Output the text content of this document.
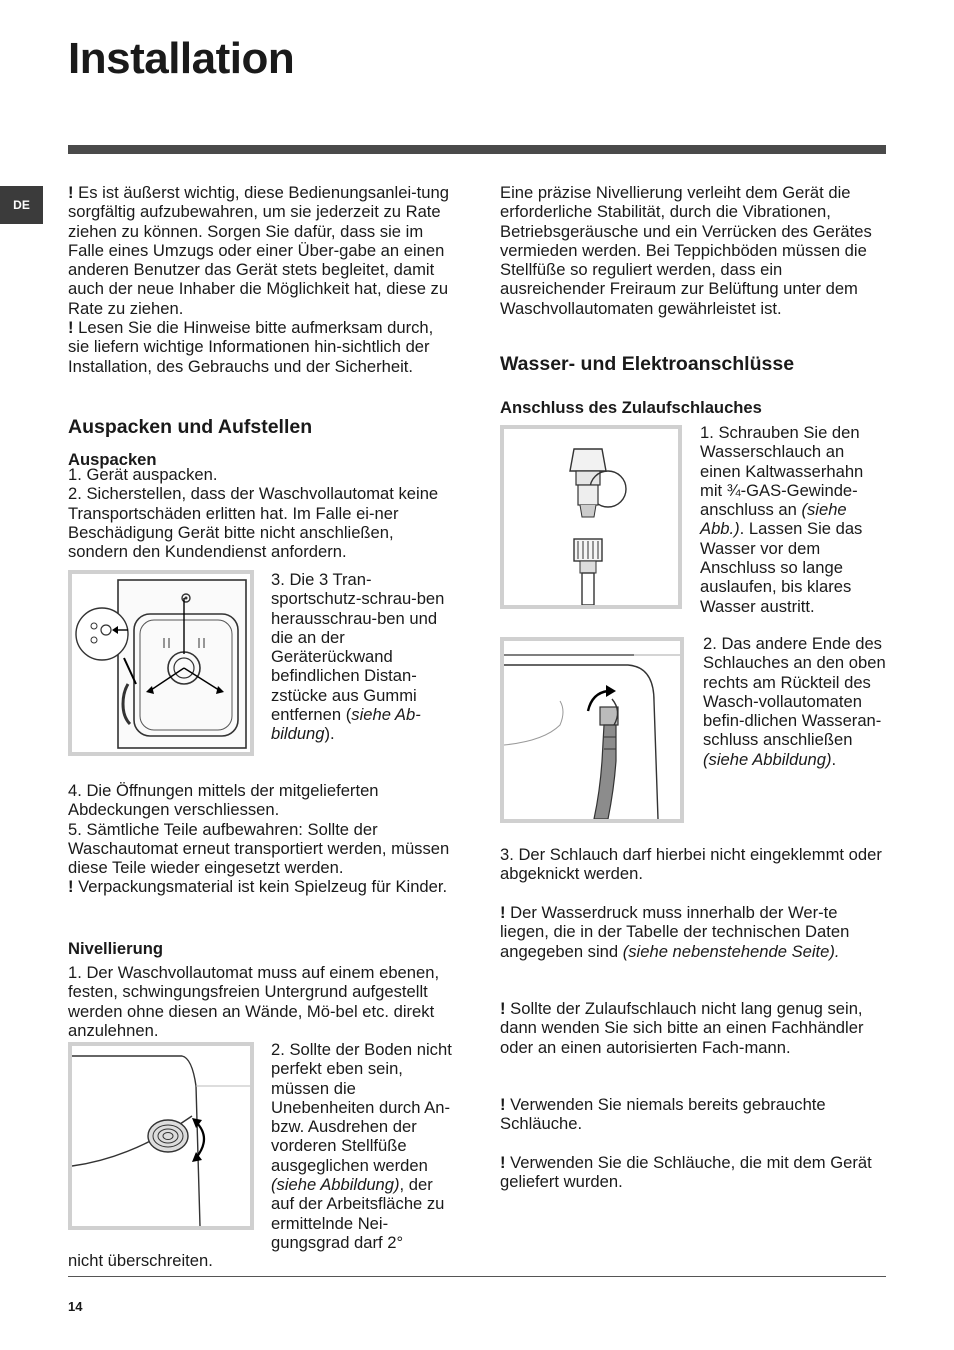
Installation
DE

! Es ist äußerst wichtig, diese Bedienungsanlei-tung sorgfältig aufzubewahren, um sie jederzeit zu Rate ziehen zu können. Sorgen Sie dafür, dass sie im Falle eines Umzugs oder einer Über-gabe an einen anderen Benutzer das Gerät stets begleitet, damit auch der neue Inhaber die Möglichkeit hat, diese zu Rate zu ziehen.

! Lesen Sie die Hinweise bitte aufmerksam durch, sie liefern wichtige Informationen hin-sichtlich der Installation, des Gebrauchs und der Sicherheit.

Auspacken und Aufstellen
Auspacken

1. Gerät auspacken.

2. Sicherstellen, dass der Waschvollautomat keine Transportschäden erlitten hat. Im Falle ei-ner Beschädigung Gerät bitte nicht anschließen, sondern den Kundendienst anfordern.

3. Die 3 Tran-sportschutz-schrau-ben herausschrau-ben und die an der Geräterückwand befindlichen Distan-zstücke aus Gummi entfernen (siehe Ab-bildung).

4. Die Öffnungen mittels der mitgelieferten Abdeckungen verschliessen.

5. Sämtliche Teile aufbewahren: Sollte der Waschautomat erneut transportiert werden, müssen diese Teile wieder eingesetzt werden.

! Verpackungsmaterial ist kein Spielzeug für Kinder.

Nivellierung

1. Der Waschvollautomat muss auf einem ebenen, festen, schwingungsfreien Untergrund aufgestellt werden ohne diesen an Wände, Mö-bel etc. direkt anzulehnen.

2. Sollte der Boden nicht perfekt eben sein, müssen die Unebenheiten durch An- bzw. Ausdrehen der vorderen Stellfüße ausgeglichen werden (siehe Abbildung), der auf der Arbeitsfläche zu ermittelnde Nei-gungsgrad darf 2°

nicht überschreiten.

Eine präzise Nivellierung verleiht dem Gerät die erforderliche Stabilität, durch die Vibrationen, Betriebsgeräusche und ein Verrücken des Gerätes vermieden werden. Bei Teppichböden müssen die Stellfüße so reguliert werden, dass ein ausreichender Freiraum zur Belüftung unter dem Waschvollautomaten gewährleistet ist.

Wasser- und Elektroanschlüsse
Anschluss des Zulaufschlauches

1. Schrauben Sie den Wasserschlauch an einen Kaltwasserhahn mit ¾-GAS-Gewinde-anschluss an (siehe Abb.). Lassen Sie das Wasser vor dem Anschluss so lange auslaufen, bis klares Wasser austritt.

2. Das andere Ende des Schlauches an den oben rechts am Rückteil des Wasch-vollautomaten befin-dlichen Wasseran-schluss anschließen (siehe Abbildung).

3. Der Schlauch darf hierbei nicht eingeklemmt oder abgeknickt werden.

! Der Wasserdruck muss innerhalb der Wer-te liegen, die in der Tabelle der technischen Daten angegeben sind (siehe nebenstehende Seite).

! Sollte der Zulaufschlauch nicht lang genug sein, dann wenden Sie sich bitte an einen Fachhändler oder an einen autorisierten Fach-mann.

! Verwenden Sie niemals bereits gebrauchte Schläuche.

! Verwenden Sie die Schläuche, die mit dem Gerät geliefert wurden.

14
